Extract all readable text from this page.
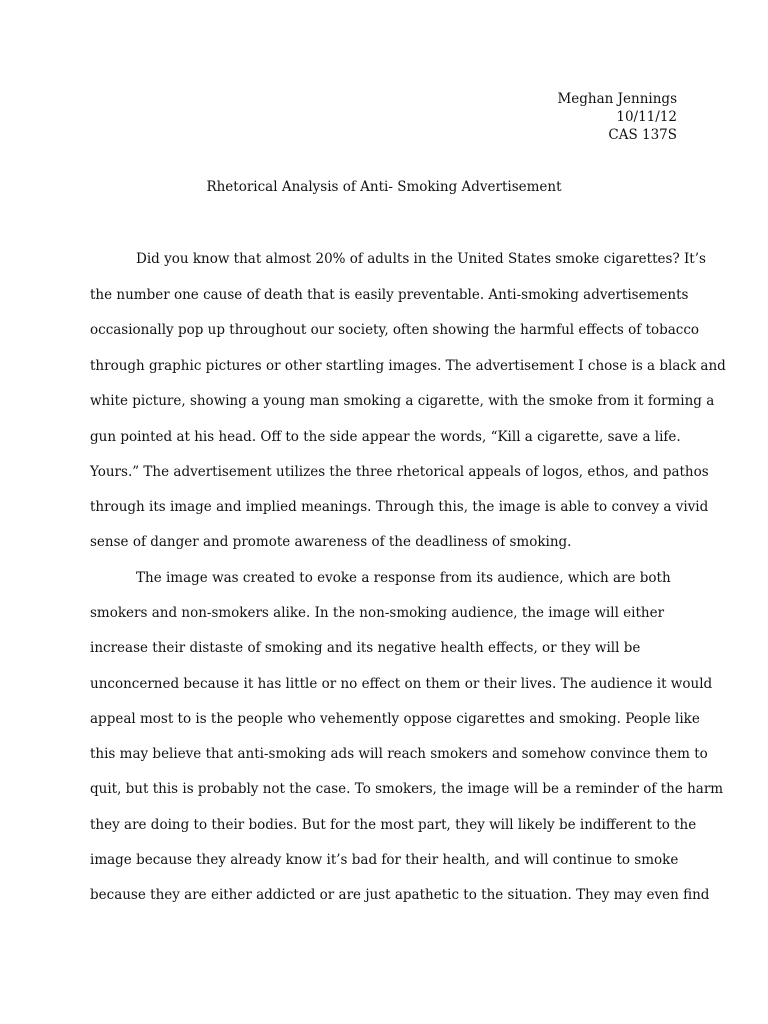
Meghan Jennings
10/11/12
CAS 137S
Rhetorical Analysis of Anti- Smoking Advertisement
Did you know that almost 20% of adults in the United States smoke cigarettes? It’s
the number one cause of death that is easily preventable. Anti-smoking advertisements
occasionally pop up throughout our society, often showing the harmful effects of tobacco
through graphic pictures or other startling images. The advertisement I chose is a black and
white picture, showing a young man smoking a cigarette, with the smoke from it forming a
gun pointed at his head. Off to the side appear the words, “Kill a cigarette, save a life.
Yours.” The advertisement utilizes the three rhetorical appeals of logos, ethos, and pathos
through its image and implied meanings. Through this, the image is able to convey a vivid
sense of danger and promote awareness of the deadliness of smoking.
The image was created to evoke a response from its audience, which are both
smokers and non-smokers alike. In the non-smoking audience, the image will either
increase their distaste of smoking and its negative health effects, or they will be
unconcerned because it has little or no effect on them or their lives. The audience it would
appeal most to is the people who vehemently oppose cigarettes and smoking. People like
this may believe that anti-smoking ads will reach smokers and somehow convince them to
quit, but this is probably not the case. To smokers, the image will be a reminder of the harm
they are doing to their bodies. But for the most part, they will likely be indifferent to the
image because they already know it’s bad for their health, and will continue to smoke
because they are either addicted or are just apathetic to the situation. They may even find
